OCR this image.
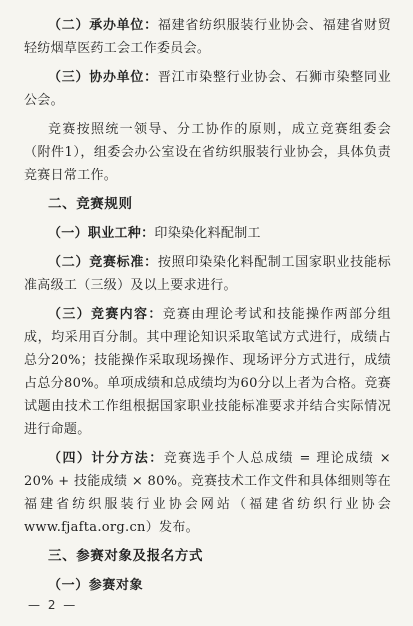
（二）承办单位：福建省纺织服装行业协会、福建省财贸轻纺烟草医药工会工作委员会。

（三）协办单位：晋江市染整行业协会、石狮市染整同业公会。

竞赛按照统一领导、分工协作的原则，成立竞赛组委会（附件1），组委会办公室设在省纺织服装行业协会，具体负责竞赛日常工作。

二、竞赛规则

（一）职业工种：印染染化料配制工

（二）竞赛标准：按照印染染化料配制工国家职业技能标准高级工（三级）及以上要求进行。

（三）竞赛内容：竞赛由理论考试和技能操作两部分组成，均采用百分制。其中理论知识采取笔试方式进行，成绩占总分20%；技能操作采取现场操作、现场评分方式进行，成绩占总分80%。单项成绩和总成绩均为60分以上者为合格。竞赛试题由技术工作组根据国家职业技能标准要求并结合实际情况进行命题。

（四）计分方法：竞赛选手个人总成绩 = 理论成绩 × 20% + 技能成绩 × 80%。竞赛技术工作文件和具体细则等在福建省纺织服装行业协会网站（福建省纺织行业协会 www.fjafta.org.cn）发布。

三、参赛对象及报名方式
（一）参赛对象
— 2 —
